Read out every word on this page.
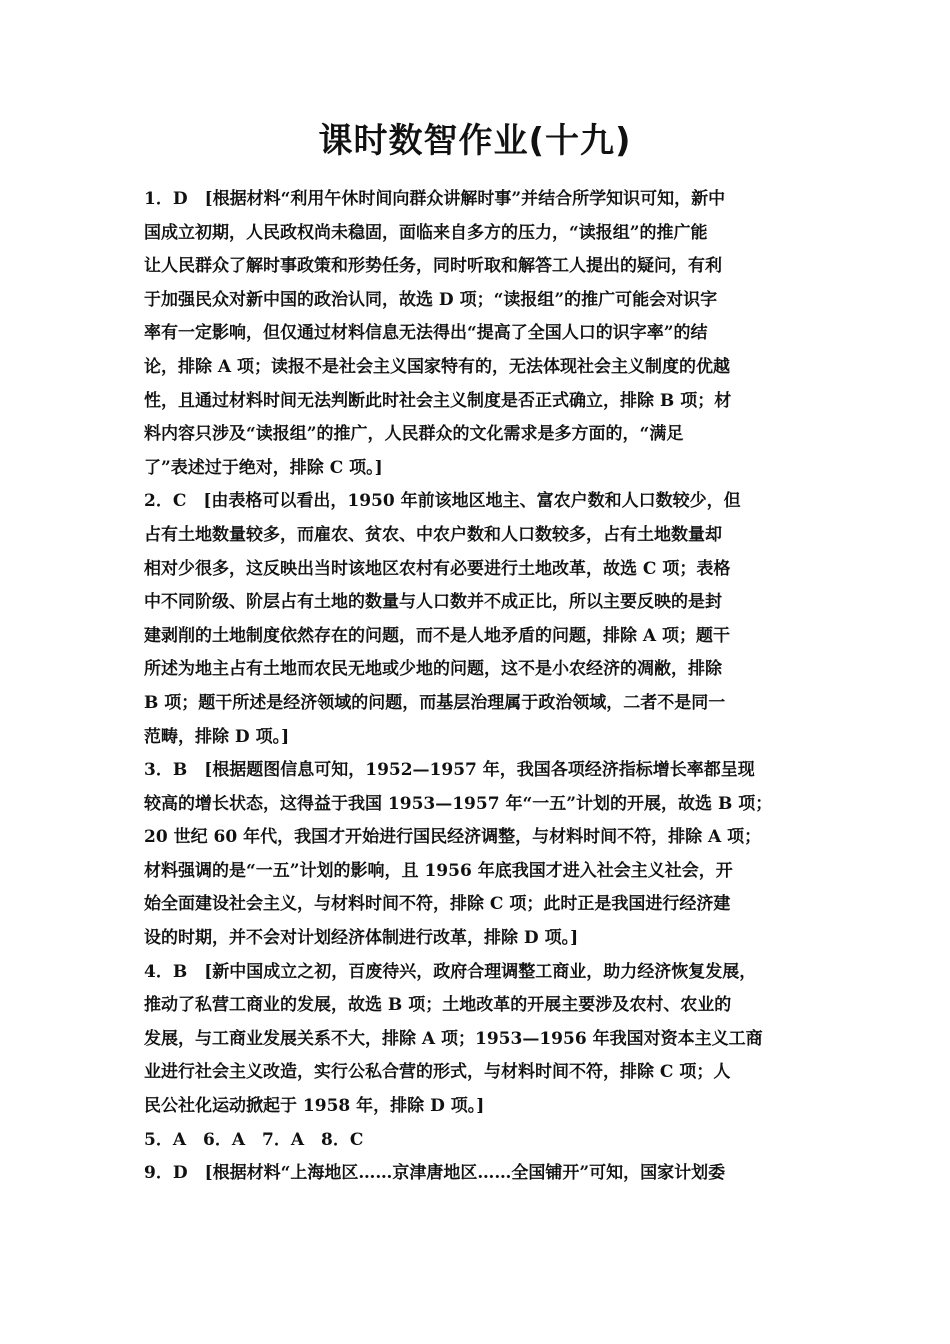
课时数智作业(十九)
1．D　[根据材料“利用午休时间向群众讲解时事”并结合所学知识可知，新中
国成立初期，人民政权尚未稳固，面临来自多方的压力，“读报组”的推广能
让人民群众了解时事政策和形势任务，同时听取和解答工人提出的疑问，有利
于加强民众对新中国的政治认同，故选 D 项；“读报组”的推广可能会对识字
率有一定影响，但仅通过材料信息无法得出“提高了全国人口的识字率”的结
论，排除 A 项；读报不是社会主义国家特有的，无法体现社会主义制度的优越
性，且通过材料时间无法判断此时社会主义制度是否正式确立，排除 B 项；材
料内容只涉及“读报组”的推广，人民群众的文化需求是多方面的，“满足
了”表述过于绝对，排除 C 项。]
2．C　[由表格可以看出，1950 年前该地区地主、富农户数和人口数较少，但
占有土地数量较多，而雇农、贫农、中农户数和人口数较多，占有土地数量却
相对少很多，这反映出当时该地区农村有必要进行土地改革，故选 C 项；表格
中不同阶级、阶层占有土地的数量与人口数并不成正比，所以主要反映的是封
建剥削的土地制度依然存在的问题，而不是人地矛盾的问题，排除 A 项；题干
所述为地主占有土地而农民无地或少地的问题，这不是小农经济的凋敝，排除
B 项；题干所述是经济领域的问题，而基层治理属于政治领域，二者不是同一
范畴，排除 D 项。]
3．B　[根据题图信息可知，1952—1957 年，我国各项经济指标增长率都呈现
较高的增长状态，这得益于我国 1953—1957 年“一五”计划的开展，故选 B 项；
20 世纪 60 年代，我国才开始进行国民经济调整，与材料时间不符，排除 A 项；
材料强调的是“一五”计划的影响，且 1956 年底我国才进入社会主义社会，开
始全面建设社会主义，与材料时间不符，排除 C 项；此时正是我国进行经济建
设的时期，并不会对计划经济体制进行改革，排除 D 项。]
4．B　[新中国成立之初，百废待兴，政府合理调整工商业，助力经济恢复发展，
推动了私营工商业的发展，故选 B 项；土地改革的开展主要涉及农村、农业的
发展，与工商业发展关系不大，排除 A 项；1953—1956 年我国对资本主义工商
业进行社会主义改造，实行公私合营的形式，与材料时间不符，排除 C 项；人
民公社化运动掀起于 1958 年，排除 D 项。]
5．A　6．A　7．A　8．C
9．D　[根据材料“上海地区……京津唐地区……全国铺开”可知，国家计划委
